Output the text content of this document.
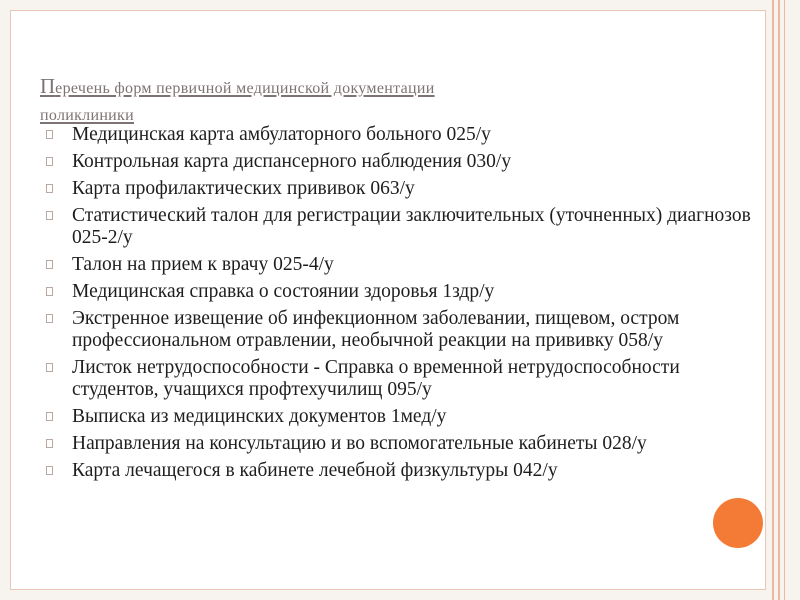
Перечень форм первичной медицинской документации
поликлиники
Медицинская карта амбулаторного больного 025/у
Контрольная карта диспансерного наблюдения 030/у
Карта профилактических прививок 063/у
Статистический талон для регистрации заключительных (уточненных) диагнозов 025-2/у
Талон на прием к врачу 025-4/у
Медицинская справка о состоянии здоровья 1здр/у
Экстренное извещение об инфекционном заболевании, пищевом, остром профессиональном отравлении, необычной реакции на прививку 058/у
Листок нетрудоспособности - Справка о временной нетрудоспособности студентов, учащихся профтехучилищ 095/у
Выписка из медицинских документов 1мед/у
Направления на консультацию и во вспомогательные кабинеты 028/у
Карта лечащегося в кабинете лечебной физкультуры 042/у
